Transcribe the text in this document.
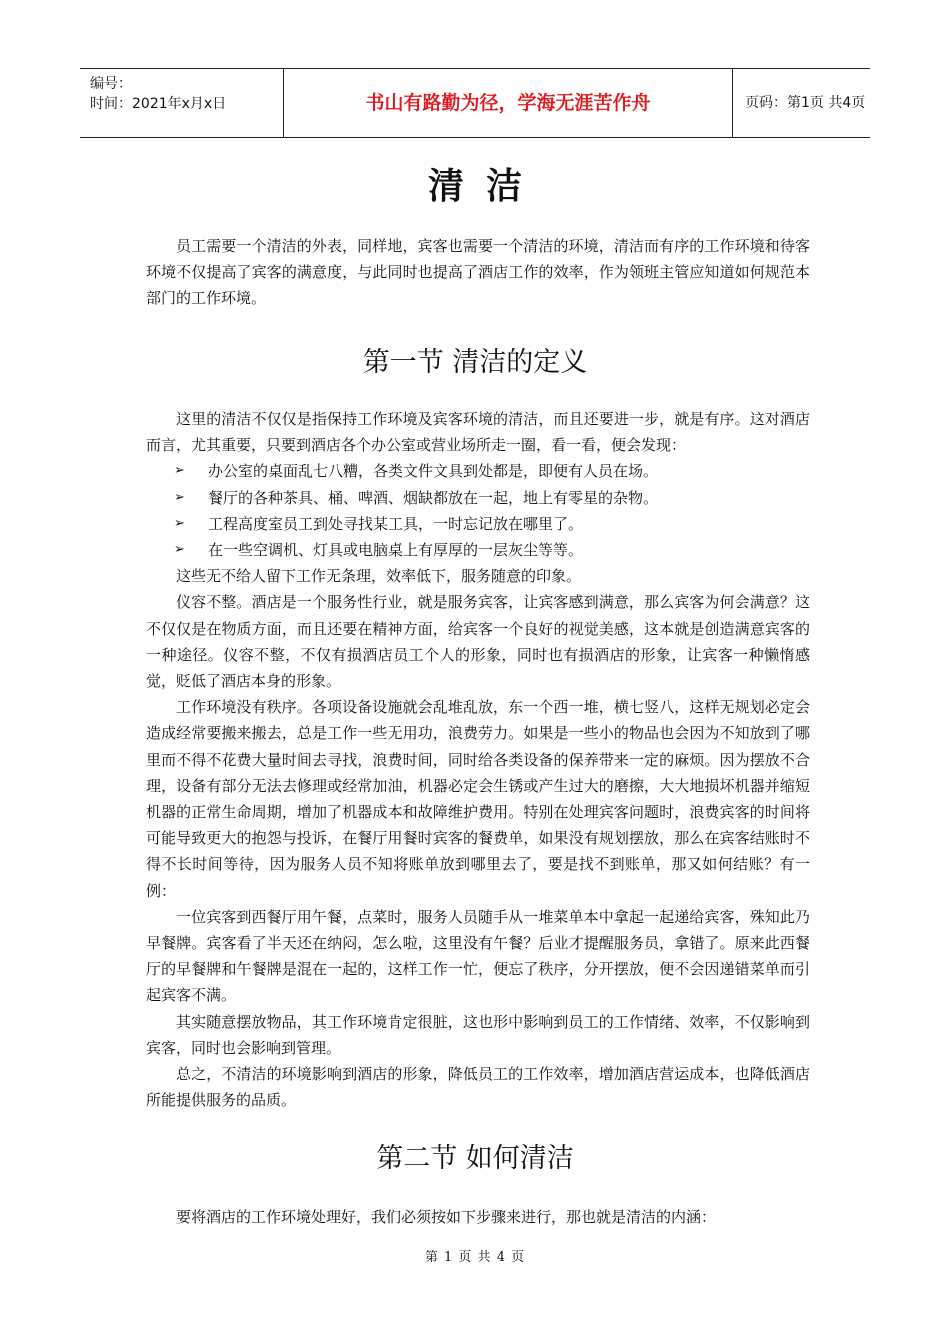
编号：
时间：2021年x月x日	书山有路勤为径，学海无涯苦作舟	页码：第1页 共4页
清洁

员工需要一个清洁的外表，同样地，宾客也需要一个清洁的环境，清洁而有序的工作环境和待客环境不仅提高了宾客的满意度，与此同时也提高了酒店工作的效率，作为领班主管应知道如何规范本部门的工作环境。

第一节 清洁的定义

这里的清洁不仅仅是指保持工作环境及宾客环境的清洁，而且还要进一步，就是有序。这对酒店而言，尤其重要，只要到酒店各个办公室或营业场所走一圈，看一看，便会发现：

➢ 办公室的桌面乱七八糟，各类文件文具到处都是，即便有人员在场。
➢ 餐厅的各种茶具、桶、啤酒、烟缺都放在一起，地上有零星的杂物。
➢ 工程高度室员工到处寻找某工具，一时忘记放在哪里了。
➢ 在一些空调机、灯具或电脑桌上有厚厚的一层灰尘等等。

这些无不给人留下工作无条理，效率低下，服务随意的印象。

仪容不整。酒店是一个服务性行业，就是服务宾客，让宾客感到满意，那么宾客为何会满意？这不仅仅是在物质方面，而且还要在精神方面，给宾客一个良好的视觉美感，这本就是创造满意宾客的一种途径。仪容不整，不仅有损酒店员工个人的形象，同时也有损酒店的形象，让宾客一种懒惰感觉，贬低了酒店本身的形象。

工作环境没有秩序。各项设备设施就会乱堆乱放，东一个西一堆，横七竖八，这样无规划必定会造成经常要搬来搬去，总是工作一些无用功，浪费劳力。如果是一些小的物品也会因为不知放到了哪里而不得不花费大量时间去寻找，浪费时间，同时给各类设备的保养带来一定的麻烦。因为摆放不合理，设备有部分无法去修理或经常加油，机器必定会生锈或产生过大的磨擦，大大地损坏机器并缩短机器的正常生命周期，增加了机器成本和故障维护费用。特别在处理宾客问题时，浪费宾客的时间将可能导致更大的抱怨与投诉，在餐厅用餐时宾客的餐费单，如果没有规划摆放，那么在宾客结账时不得不长时间等待，因为服务人员不知将账单放到哪里去了，要是找不到账单，那又如何结账？有一例：

一位宾客到西餐厅用午餐，点菜时，服务人员随手从一堆菜单本中拿起一起递给宾客，殊知此乃早餐牌。宾客看了半天还在纳闷，怎么啦，这里没有午餐？后业才提醒服务员，拿错了。原来此西餐厅的早餐牌和午餐牌是混在一起的，这样工作一忙，便忘了秩序，分开摆放，便不会因递错菜单而引起宾客不满。

其实随意摆放物品，其工作环境肯定很脏，这也形中影响到员工的工作情绪、效率，不仅影响到宾客，同时也会影响到管理。

总之，不清洁的环境影响到酒店的形象，降低员工的工作效率，增加酒店营运成本，也降低酒店所能提供服务的品质。

第二节 如何清洁

要将酒店的工作环境处理好，我们必须按如下步骤来进行，那也就是清洁的内涵：

第 1 页 共 4 页
